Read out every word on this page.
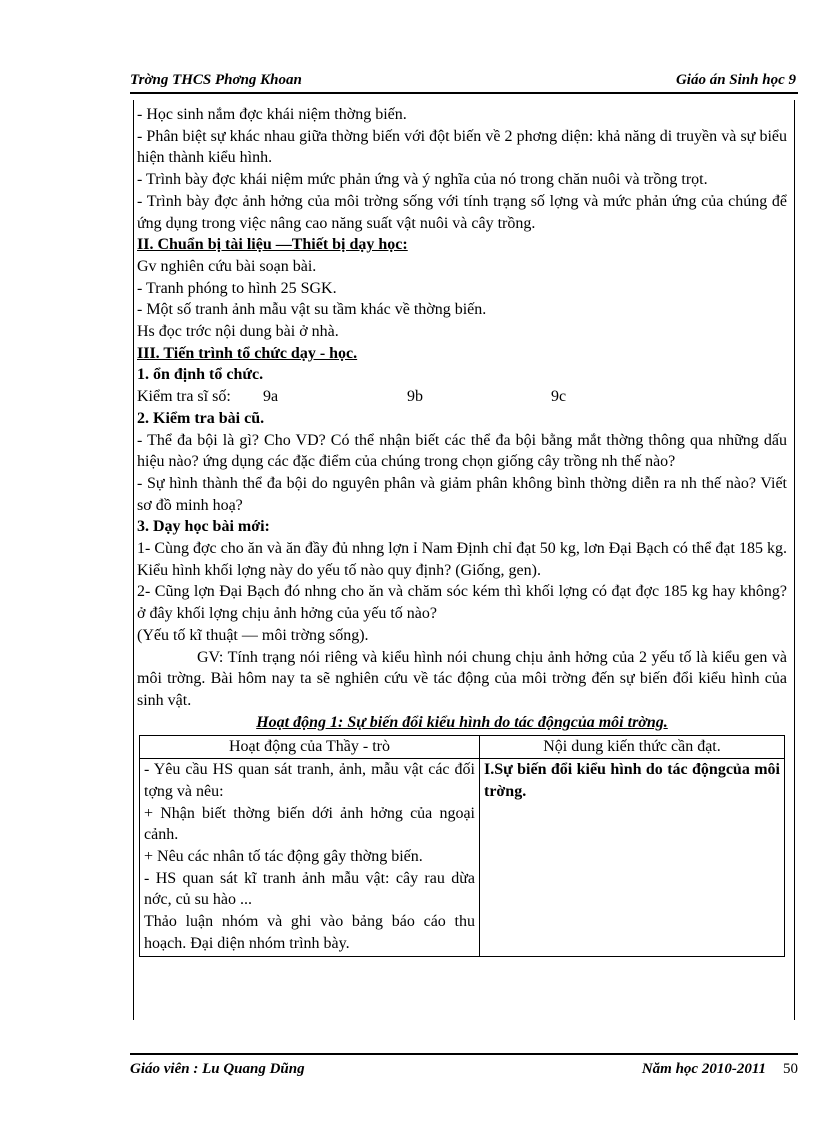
Trờng THCS Phơng Khoan	Giáo án Sinh học 9

- Học sinh nắm đợc khái niệm thờng biến.

- Phân biệt sự khác nhau giữa thờng biến với đột biến về 2 phơng diện: khả năng di truyền và sự biểu hiện thành kiểu hình.

- Trình bày đợc khái niệm mức phản ứng và ý nghĩa của nó trong chăn nuôi và trồng trọt.

- Trình bày đợc ảnh hởng của môi trờng sống với tính trạng số lợng và mức phản ứng của chúng để ứng dụng trong việc nâng cao năng suất vật nuôi và cây trồng.

II. Chuẩn bị tài liệu —Thiết bị dạy học:

Gv nghiên cứu bài soạn bài.

- Tranh phóng to hình 25 SGK.

- Một số tranh ảnh mẫu vật su tầm khác về thờng biến.

Hs đọc trớc nội dung bài ở nhà.

III. Tiến trình tổ chức dạy - học.

1. ổn định tổ chức.

Kiểm tra sĩ số:	9a	9b	9c

2. Kiểm tra bài cũ.

- Thể đa bội là gì? Cho VD? Có thể nhận biết các thể đa bội bằng mắt thờng thông qua những dấu hiệu nào? ứng dụng các đặc điểm của chúng trong chọn giống cây trồng nh thế nào?

- Sự hình thành thể đa bội do nguyên phân và giảm phân không bình thờng diễn ra nh thế nào? Viết sơ đồ minh hoạ?

3. Dạy học bài mới:

1- Cùng đợc cho ăn và ăn đầy đủ nhng lợn ỉ Nam Định chỉ đạt 50 kg, lơn Đại Bạch có thể đạt 185 kg. Kiểu hình khối lợng này do yếu tố nào quy định? (Giống, gen).

2- Cũng lợn Đại Bạch đó nhng cho ăn và chăm sóc kém thì khối lợng có đạt đợc 185 kg hay không? ở đây khối lợng chịu ảnh hởng của yếu tố nào?

(Yếu tố kĩ thuật — môi trờng sống).

GV: Tính trạng nói riêng và kiểu hình nói chung chịu ảnh hởng của 2 yếu tố là kiểu gen và môi trờng. Bài hôm nay ta sẽ nghiên cứu về tác động của môi trờng đến sự biến đổi kiểu hình của sinh vật.

Hoạt động 1: Sự biến đổi kiểu hình do tác độngcủa môi trờng.

Hoạt động của Thầy - trò	Nội dung kiến thức cần đạt.

- Yêu cầu HS quan sát tranh, ảnh, mẫu vật các đối tợng và nêu:
+ Nhận biết thờng biến dới ảnh hởng của ngoại cảnh.
+ Nêu các nhân tố tác động gây thờng biến.
- HS quan sát kĩ tranh ảnh mẫu vật: cây rau dừa nớc, củ su hào ...
Thảo luận nhóm và ghi vào bảng báo cáo thu hoạch. Đại diện nhóm trình bày.	I.Sự biến đổi kiểu hình do tác độngcủa môi trờng.
Giáo viên : Lu Quang Dũng	Năm học 2010-2011 50
